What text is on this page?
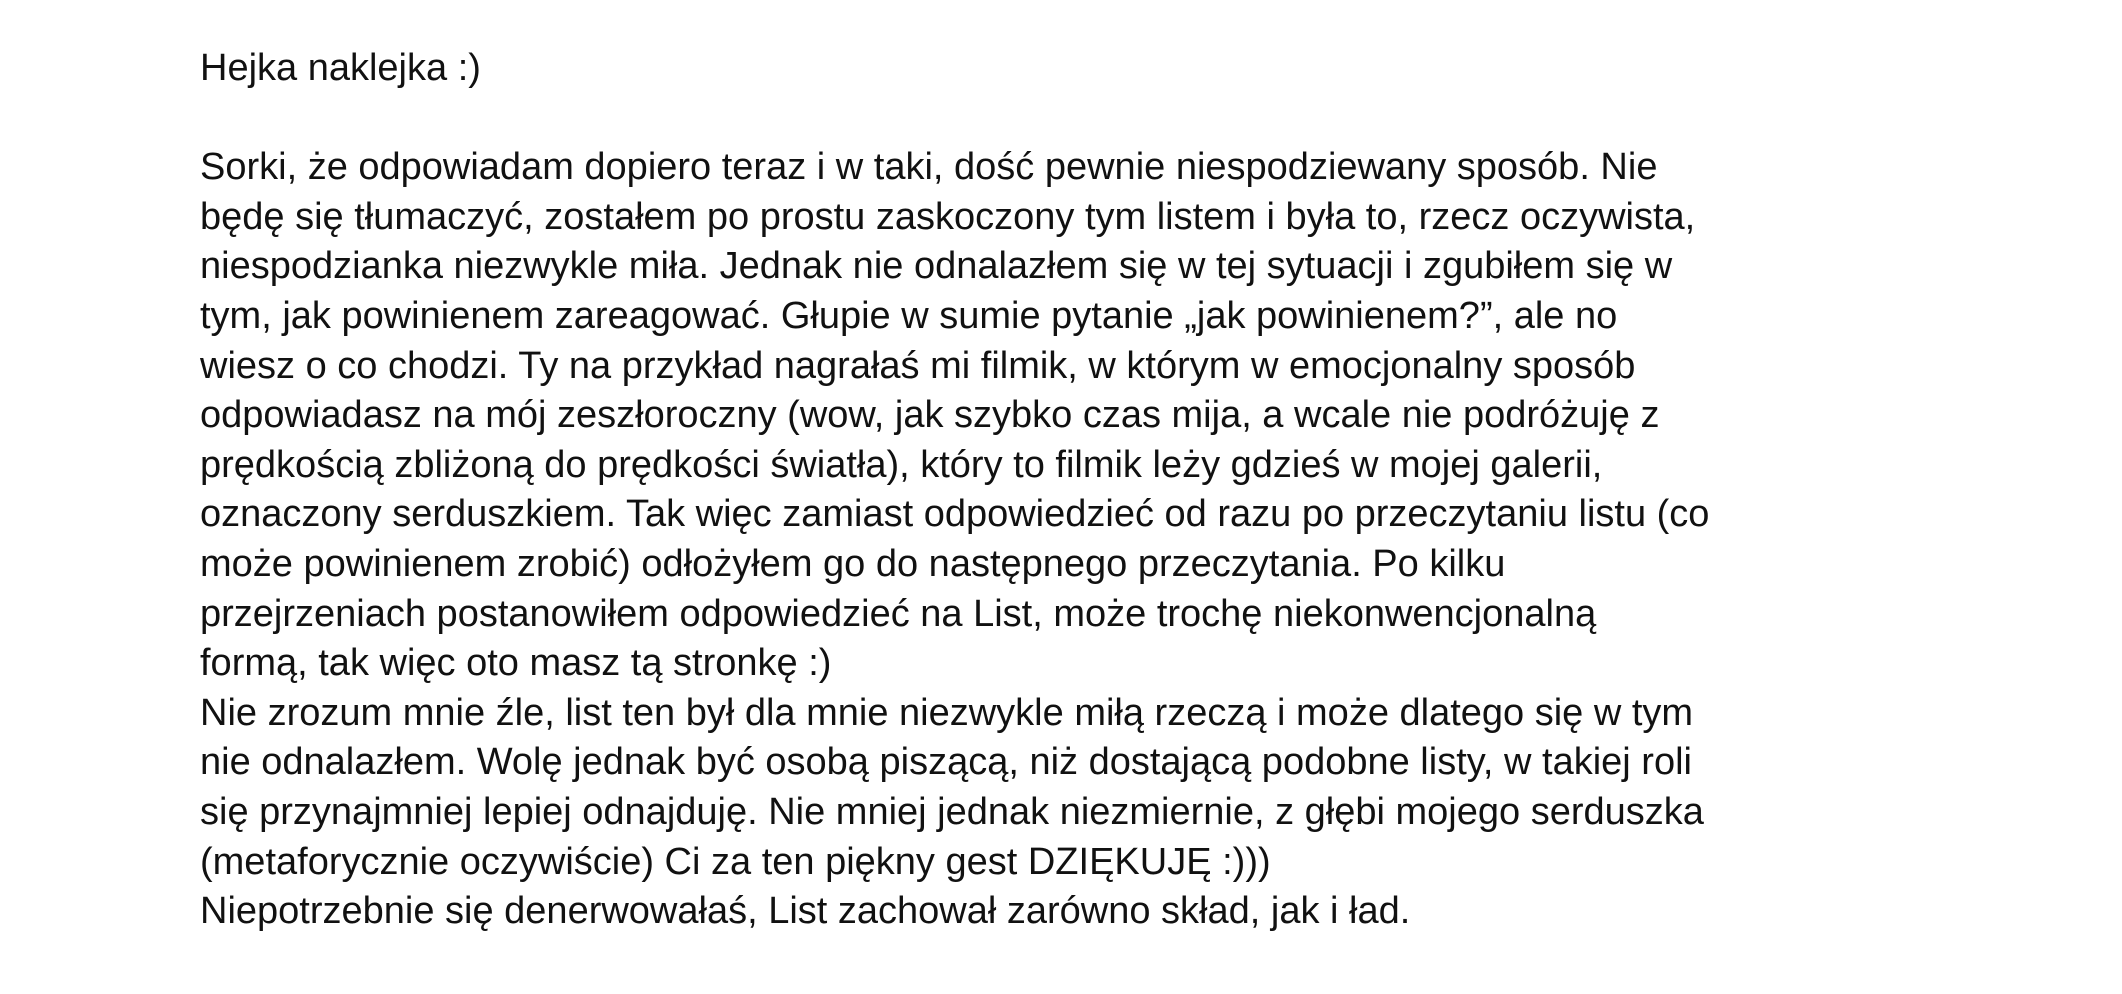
Hejka naklejka :)
Sorki, że odpowiadam dopiero teraz i w taki, dość pewnie niespodziewany sposób. Nie
będę się tłumaczyć, zostałem po prostu zaskoczony tym listem i była to, rzecz oczywista,
niespodzianka niezwykle miła. Jednak nie odnalazłem się w tej sytuacji i zgubiłem się w
tym, jak powinienem zareagować. Głupie w sumie pytanie „jak powinienem?”, ale no
wiesz o co chodzi. Ty na przykład nagrałaś mi filmik, w którym w emocjonalny sposób
odpowiadasz na mój zeszłoroczny (wow, jak szybko czas mija, a wcale nie podróżuję z
prędkością zbliżoną do prędkości światła), który to filmik leży gdzieś w mojej galerii,
oznaczony serduszkiem. Tak więc zamiast odpowiedzieć od razu po przeczytaniu listu (co
może powinienem zrobić) odłożyłem go do następnego przeczytania. Po kilku
przejrzeniach postanowiłem odpowiedzieć na List, może trochę niekonwencjonalną
formą, tak więc oto masz tą stronkę :)
Nie zrozum mnie źle, list ten był dla mnie niezwykle miłą rzeczą i może dlatego się w tym
nie odnalazłem. Wolę jednak być osobą piszącą, niż dostającą podobne listy, w takiej roli
się przynajmniej lepiej odnajduję. Nie mniej jednak niezmiernie, z głębi mojego serduszka
(metaforycznie oczywiście) Ci za ten piękny gest DZIĘKUJĘ :)))
Niepotrzebnie się denerwowałaś, List zachował zarówno skład, jak i ład.
